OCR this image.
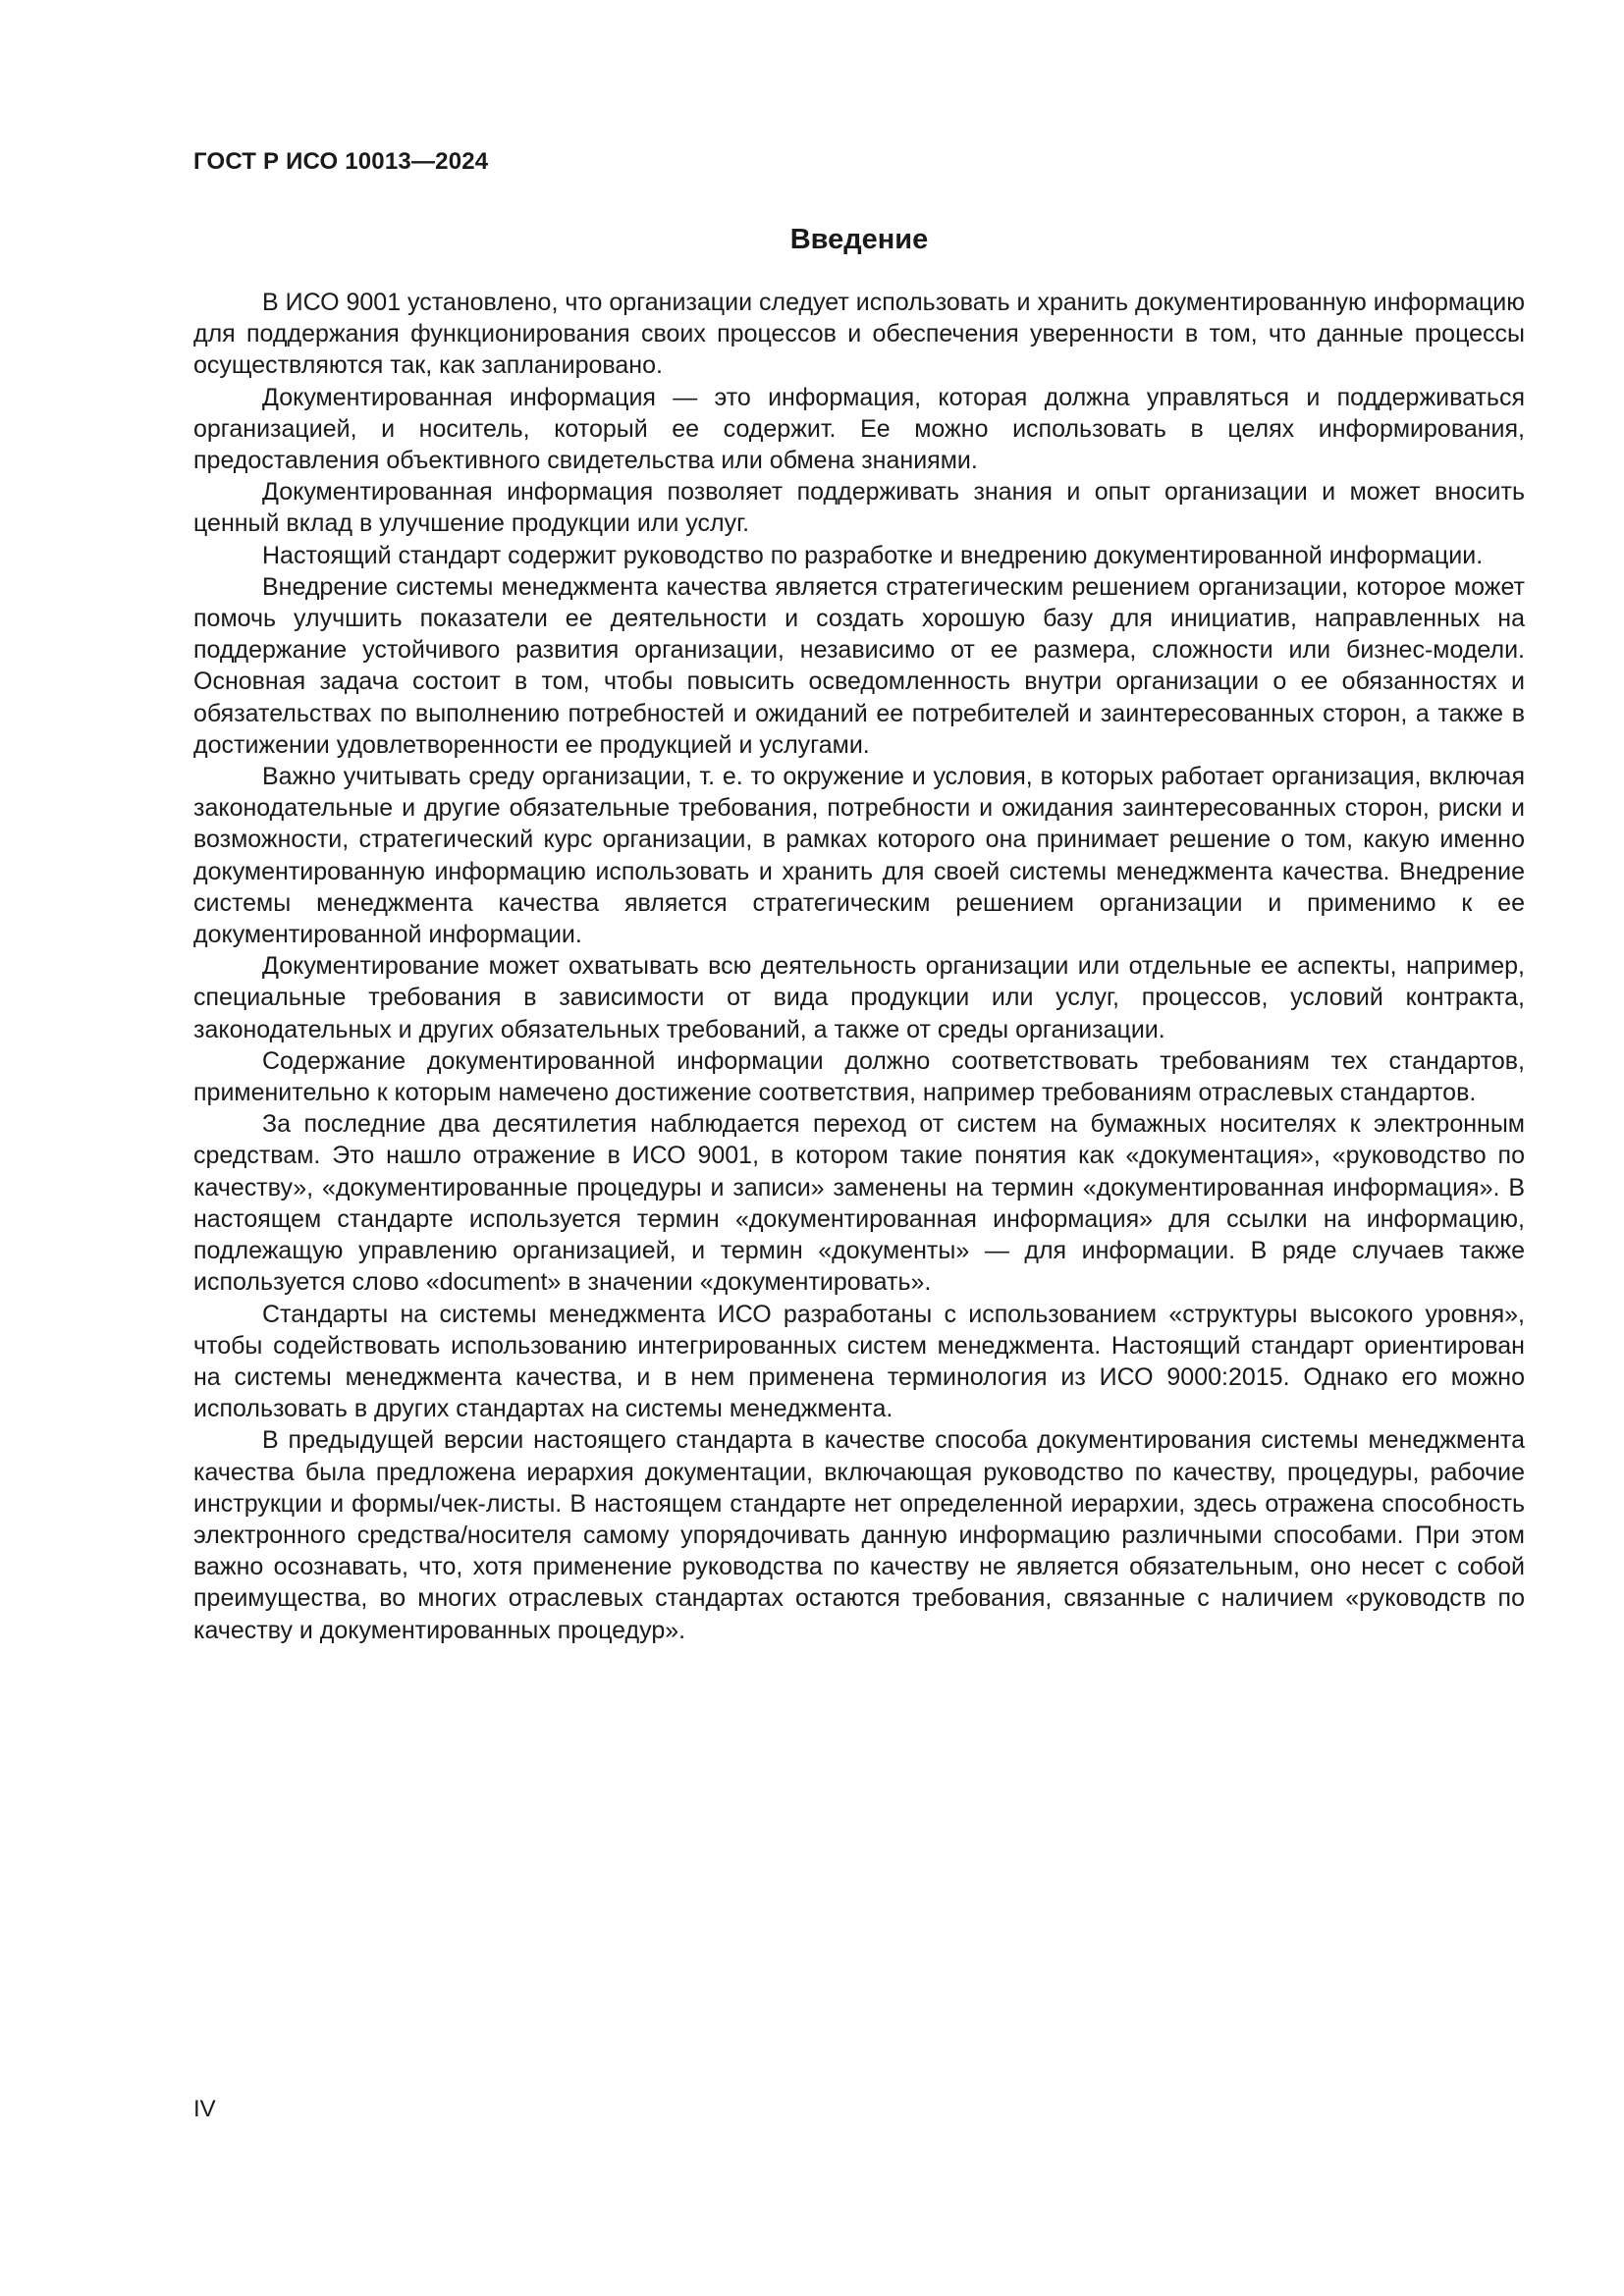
ГОСТ Р ИСО 10013—2024
Введение

В ИСО 9001 установлено, что организации следует использовать и хранить документированную информацию для поддержания функционирования своих процессов и обеспечения уверенности в том, что данные процессы осуществляются так, как запланировано.

Документированная информация — это информация, которая должна управляться и поддерживаться организацией, и носитель, который ее содержит. Ее можно использовать в целях информирования, предоставления объективного свидетельства или обмена знаниями.

Документированная информация позволяет поддерживать знания и опыт организации и может вносить ценный вклад в улучшение продукции или услуг.

Настоящий стандарт содержит руководство по разработке и внедрению документированной информации.

Внедрение системы менеджмента качества является стратегическим решением организации, которое может помочь улучшить показатели ее деятельности и создать хорошую базу для инициатив, направленных на поддержание устойчивого развития организации, независимо от ее размера, сложности или бизнес-модели. Основная задача состоит в том, чтобы повысить осведомленность внутри организации о ее обязанностях и обязательствах по выполнению потребностей и ожиданий ее потребителей и заинтересованных сторон, а также в достижении удовлетворенности ее продукцией и услугами.

Важно учитывать среду организации, т. е. то окружение и условия, в которых работает организация, включая законодательные и другие обязательные требования, потребности и ожидания заинтересованных сторон, риски и возможности, стратегический курс организации, в рамках которого она принимает решение о том, какую именно документированную информацию использовать и хранить для своей системы менеджмента качества. Внедрение системы менеджмента качества является стратегическим решением организации и применимо к ее документированной информации.

Документирование может охватывать всю деятельность организации или отдельные ее аспекты, например, специальные требования в зависимости от вида продукции или услуг, процессов, условий контракта, законодательных и других обязательных требований, а также от среды организации.

Содержание документированной информации должно соответствовать требованиям тех стандартов, применительно к которым намечено достижение соответствия, например требованиям отраслевых стандартов.

За последние два десятилетия наблюдается переход от систем на бумажных носителях к электронным средствам. Это нашло отражение в ИСО 9001, в котором такие понятия как «документация», «руководство по качеству», «документированные процедуры и записи» заменены на термин «документированная информация». В настоящем стандарте используется термин «документированная информация» для ссылки на информацию, подлежащую управлению организацией, и термин «документы» — для информации. В ряде случаев также используется слово «document» в значении «документировать».

Стандарты на системы менеджмента ИСО разработаны с использованием «структуры высокого уровня», чтобы содействовать использованию интегрированных систем менеджмента. Настоящий стандарт ориентирован на системы менеджмента качества, и в нем применена терминология из ИСО 9000:2015. Однако его можно использовать в других стандартах на системы менеджмента.

В предыдущей версии настоящего стандарта в качестве способа документирования системы менеджмента качества была предложена иерархия документации, включающая руководство по качеству, процедуры, рабочие инструкции и формы/чек-листы. В настоящем стандарте нет определенной иерархии, здесь отражена способность электронного средства/носителя самому упорядочивать данную информацию различными способами. При этом важно осознавать, что, хотя применение руководства по качеству не является обязательным, оно несет с собой преимущества, во многих отраслевых стандартах остаются требования, связанные с наличием «руководств по качеству и документированных процедур».

IV
